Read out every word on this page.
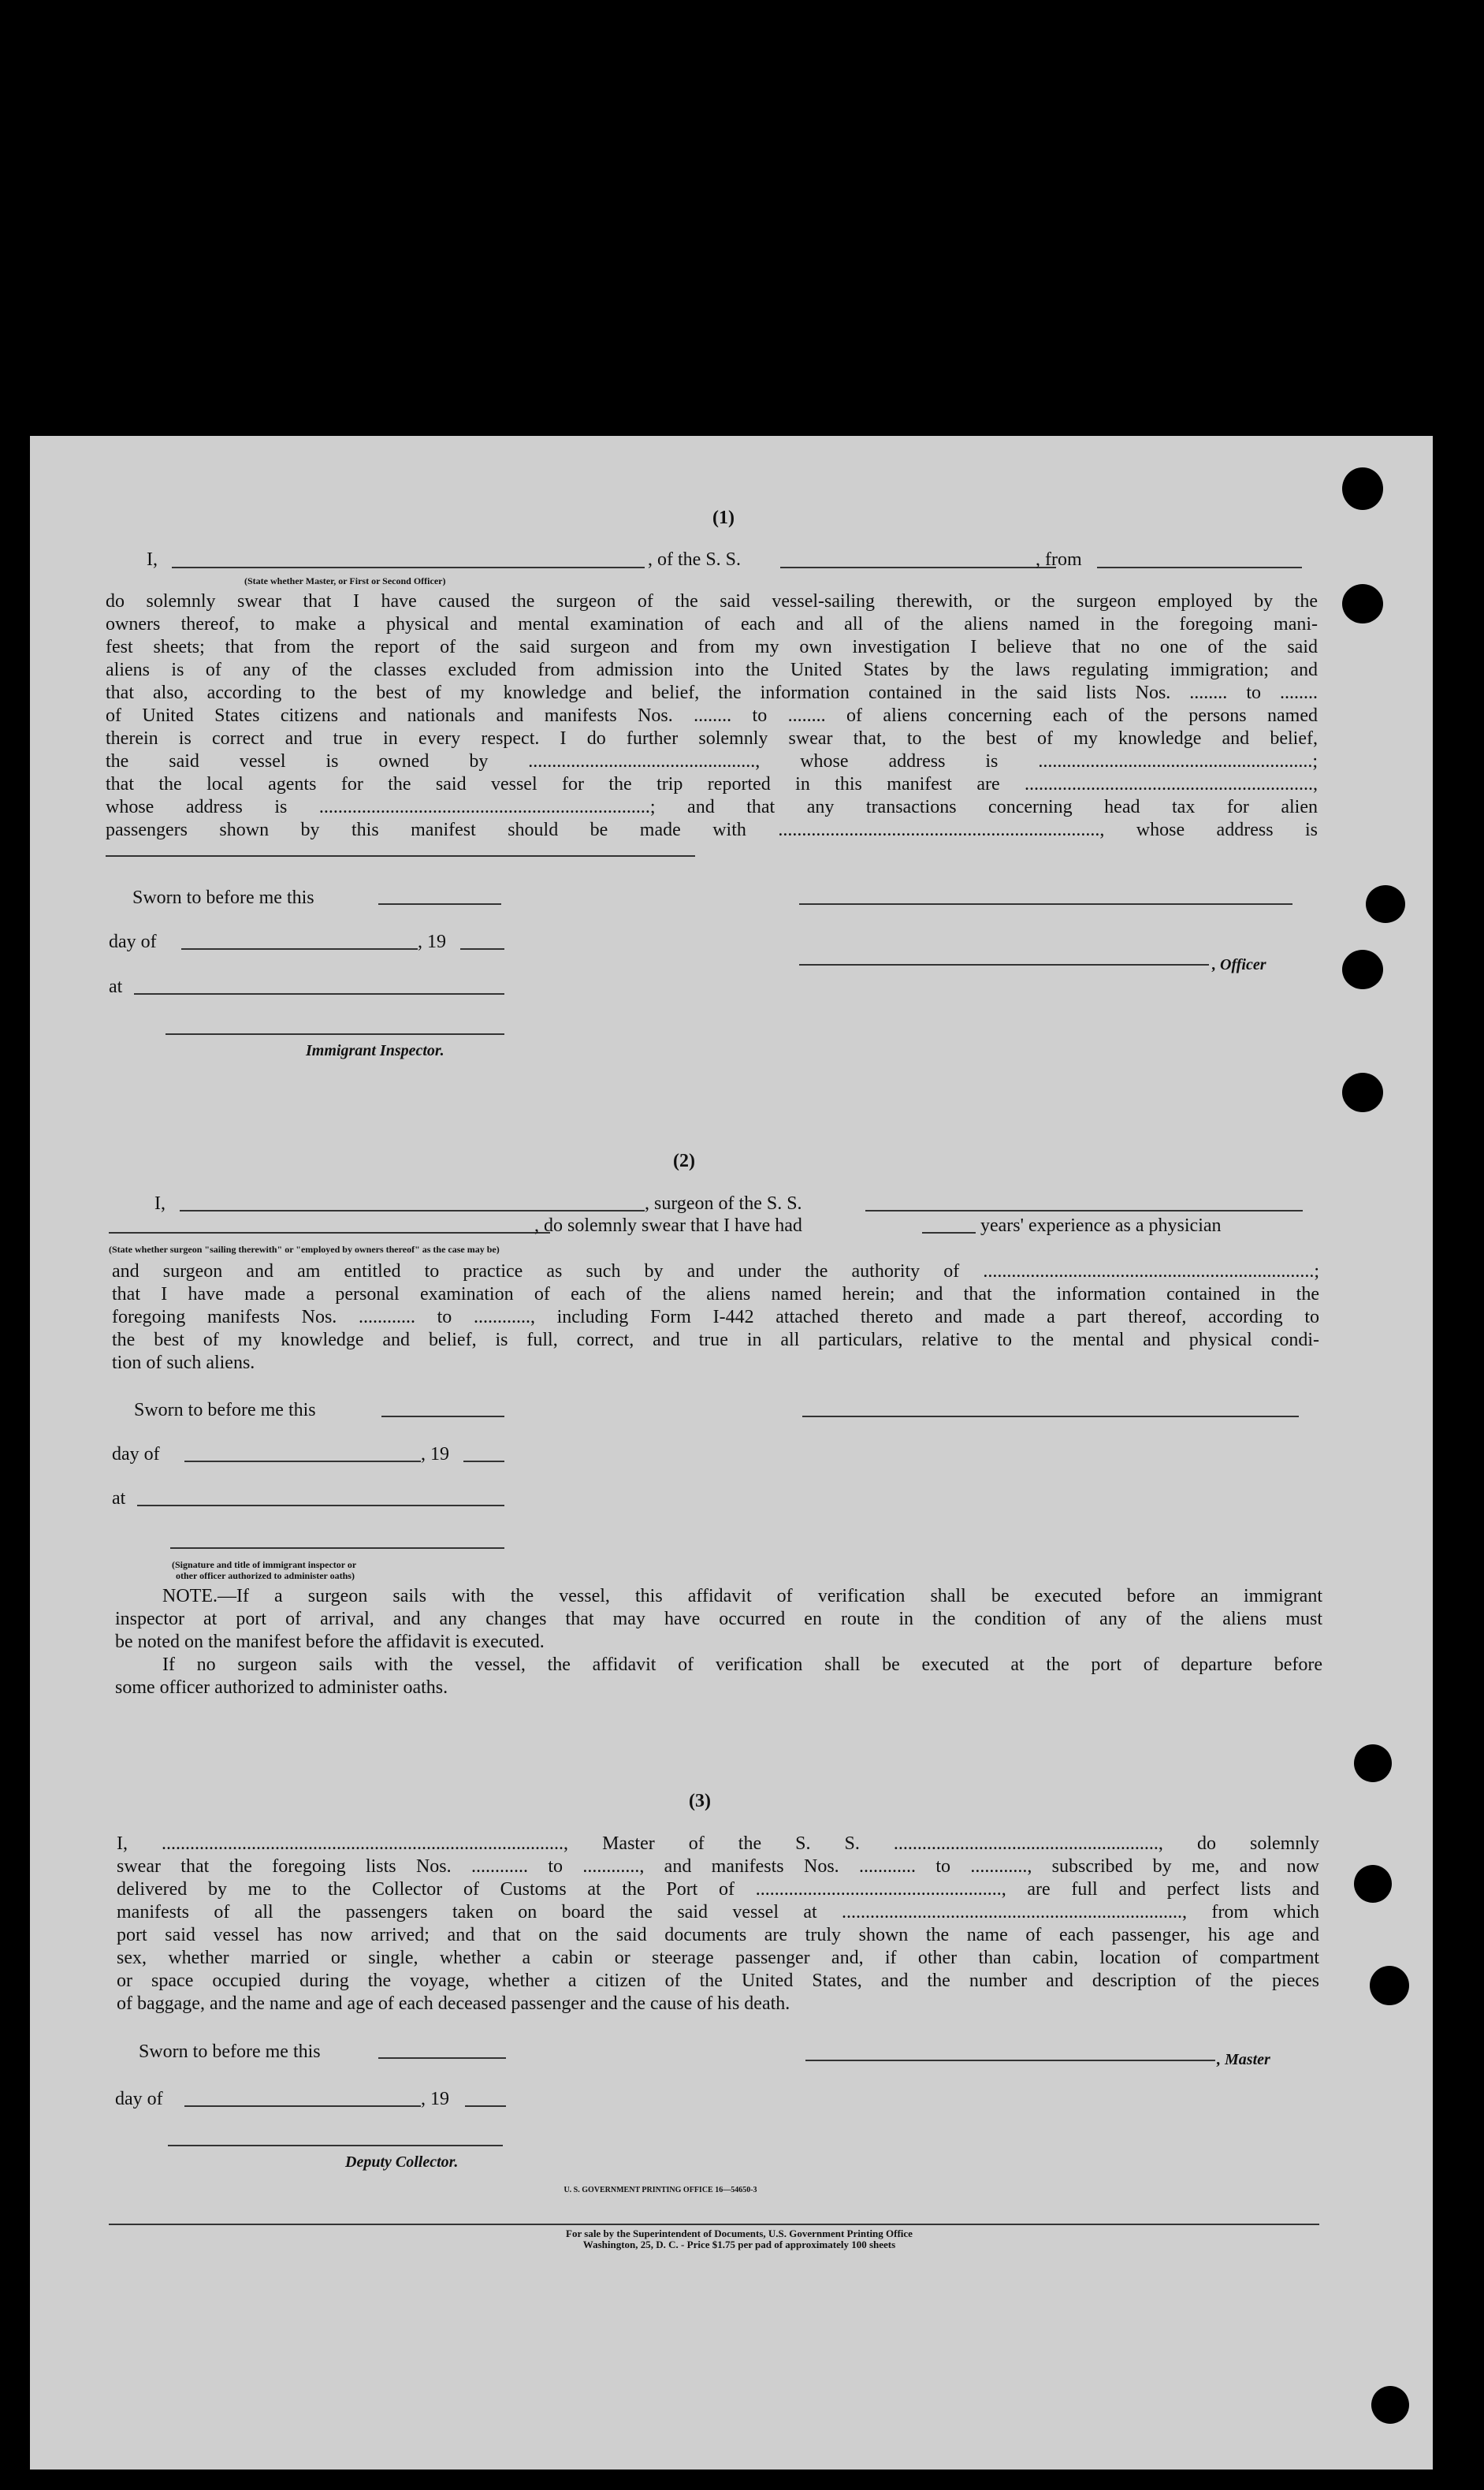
(1)
I,
(State whether Master, or First or Second Officer)
, of the S. S.	, from
do solemnly swear that I have caused the surgeon of the said vessel-sailing therewith, or the surgeon employed by the
owners thereof, to make a physical and mental examination of each and all of the aliens named in the foregoing mani-
fest sheets; that from the report of the said surgeon and from my own investigation I believe that no one of the said
aliens is of any of the classes excluded from admission into the United States by the laws regulating immigration; and
that also, according to the best of my knowledge and belief, the information contained in the said lists Nos. ........ to ........
of United States citizens and nationals and manifests Nos. ........ to ........ of aliens concerning each of the persons named
therein is correct and true in every respect. I do further solemnly swear that, to the best of my knowledge and belief,
the said vessel is owned by ................................................, whose address is ..........................................................;
that the local agents for the said vessel for the trip reported in this manifest are .............................................................,
whose address is ......................................................................; and that any transactions concerning head tax for alien
passengers shown by this manifest should be made with ...................................................................., whose address is
Sworn to before me this
day of	, 19
, Officer
at
Immigrant Inspector.
(2)
I,	, surgeon of the S. S.
, do solemnly swear that I have had	years' experience as a physician
(State whether surgeon "sailing therewith" or "employed by owners thereof" as the case may be)
and surgeon and am entitled to practice as such by and under the authority of ......................................................................;
that I have made a personal examination of each of the aliens named herein; and that the information contained in the
foregoing manifests Nos. ............ to ............, including Form I-442 attached thereto and made a part thereof, according to
the best of my knowledge and belief, is full, correct, and true in all particulars, relative to the mental and physical condi-
tion of such aliens.
Sworn to before me this
day of	, 19
at
(Signature and title of immigrant inspector or
other officer authorized to administer oaths)
NOTE.—If a surgeon sails with the vessel, this affidavit of verification shall be executed before an immigrant
inspector at port of arrival, and any changes that may have occurred en route in the condition of any of the aliens must
be noted on the manifest before the affidavit is executed.
If no surgeon sails with the vessel, the affidavit of verification shall be executed at the port of departure before
some officer authorized to administer oaths.
(3)
I, ....................................................................................., Master of the S. S. ........................................................, do solemnly
swear that the foregoing lists Nos. ............ to ............, and manifests Nos. ............ to ............, subscribed by me, and now
delivered by me to the Collector of Customs at the Port of ...................................................., are full and perfect lists and
manifests of all the passengers taken on board the said vessel at ........................................................................, from which
port said vessel has now arrived; and that on the said documents are truly shown the name of each passenger, his age and
sex, whether married or single, whether a cabin or steerage passenger and, if other than cabin, location of compartment
or space occupied during the voyage, whether a citizen of the United States, and the number and description of the pieces
of baggage, and the name and age of each deceased passenger and the cause of his death.
Sworn to before me this	, Master
day of	, 19
Deputy Collector.
U. S. GOVERNMENT PRINTING OFFICE 16—54650-3
For sale by the Superintendent of Documents, U.S. Government Printing Office
Washington, 25, D. C. - Price $1.75 per pad of approximately 100 sheets
